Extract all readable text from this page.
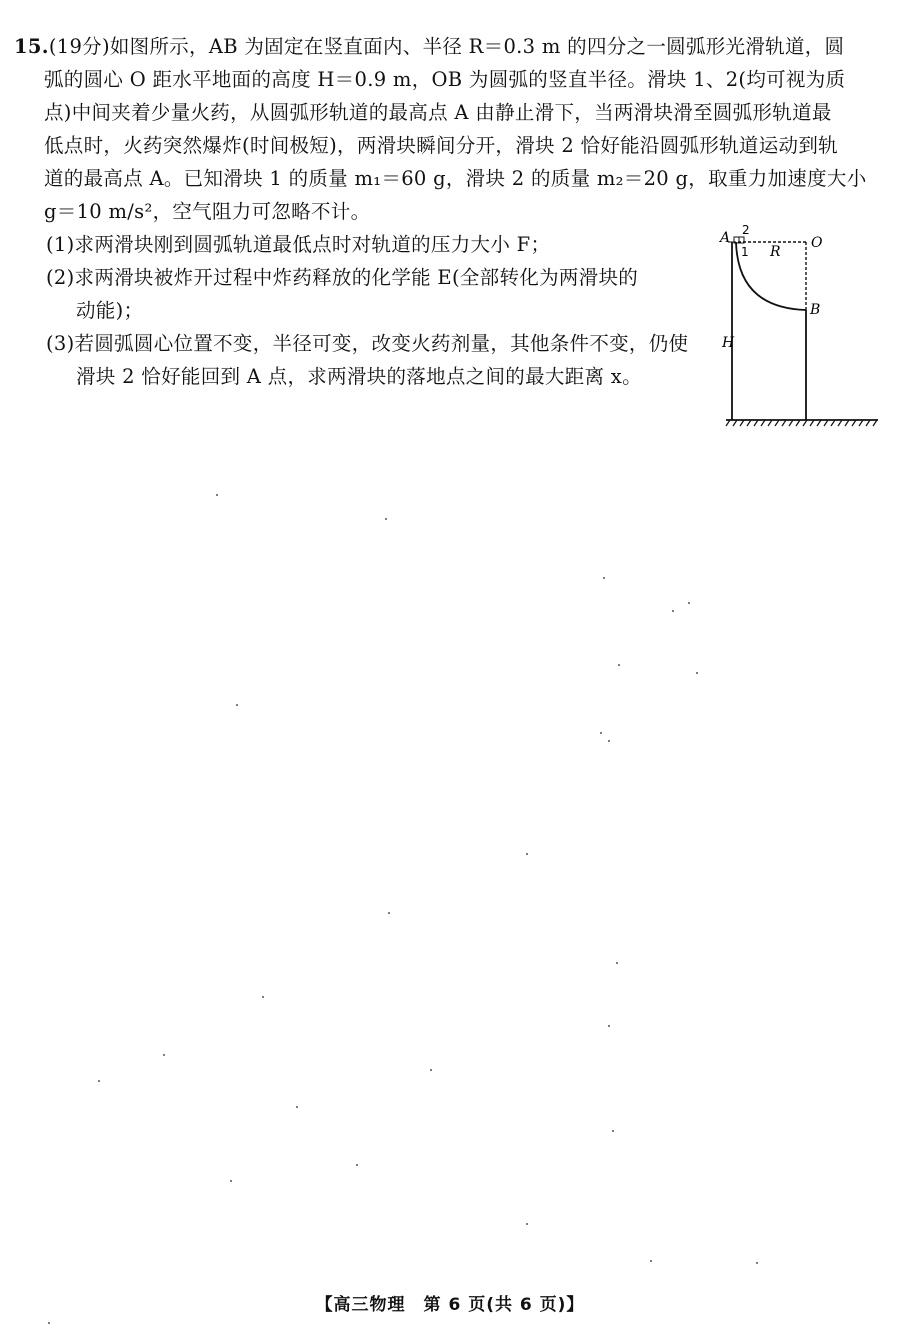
15.(19分)如图所示，AB 为固定在竖直面内、半径 R＝0.3 m 的四分之一圆弧形光滑轨道，圆
弧的圆心 O 距水平地面的高度 H＝0.9 m，OB 为圆弧的竖直半径。滑块 1、2(均可视为质
点)中间夹着少量火药，从圆弧形轨道的最高点 A 由静止滑下，当两滑块滑至圆弧形轨道最
低点时，火药突然爆炸(时间极短)，两滑块瞬间分开，滑块 2 恰好能沿圆弧形轨道运动到轨
道的最高点 A。已知滑块 1 的质量 m₁＝60 g，滑块 2 的质量 m₂＝20 g，取重力加速度大小
g＝10 m/s²，空气阻力可忽略不计。
(1)求两滑块刚到圆弧轨道最低点时对轨道的压力大小 F；
(2)求两滑块被炸开过程中炸药释放的化学能 E(全部转化为两滑块的
动能)；
(3)若圆弧圆心位置不变，半径可变，改变火药剂量，其他条件不变，仍使
滑块 2 恰好能回到 A 点，求两滑块的落地点之间的最大距离 x。
A 2
1 R
O
B
H
【高三物理　第 6 页(共 6 页)】
